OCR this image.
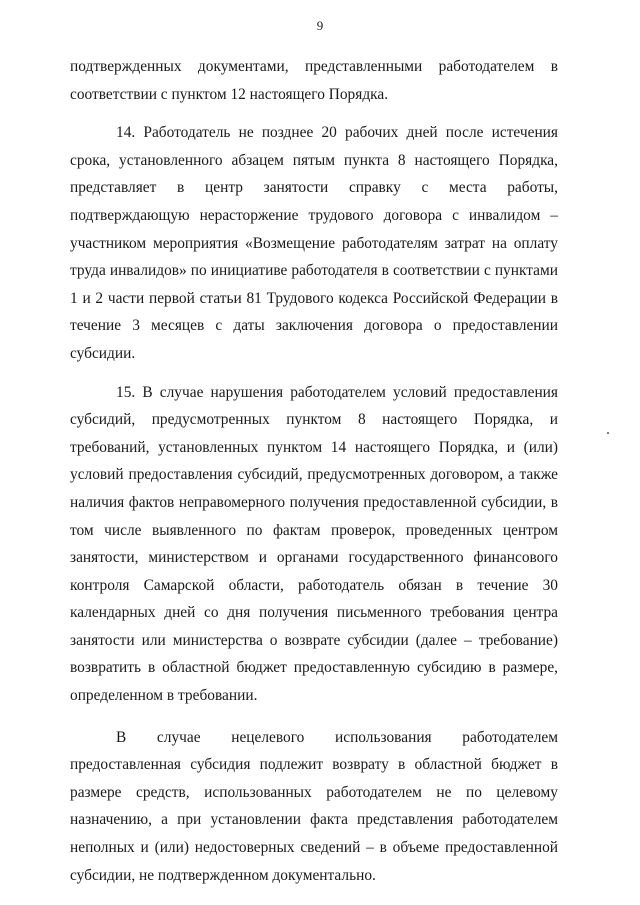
9

подтвержденных документами, представленными работодателем в соответствии с пунктом 12 настоящего Порядка.

14. Работодатель не позднее 20 рабочих дней после истечения срока, установленного абзацем пятым пункта 8 настоящего Порядка, представляет в центр занятости справку с места работы, подтверждающую нерасторжение трудового договора с инвалидом – участником мероприятия «Возмещение работодателям затрат на оплату труда инвалидов» по инициативе работодателя в соответствии с пунктами 1 и 2 части первой статьи 81 Трудового кодекса Российской Федерации в течение 3 месяцев с даты заключения договора о предоставлении субсидии.

15. В случае нарушения работодателем условий предоставления субсидий, предусмотренных пунктом 8 настоящего Порядка, и требований, установленных пунктом 14 настоящего Порядка, и (или) условий предоставления субсидий, предусмотренных договором, а также наличия фактов неправомерного получения предоставленной субсидии, в том числе выявленного по фактам проверок, проведенных центром занятости, министерством и органами государственного финансового контроля Самарской области, работодатель обязан в течение 30 календарных дней со дня получения письменного требования центра занятости или министерства о возврате субсидии (далее – требование) возвратить в областной бюджет предоставленную субсидию в размере, определенном в требовании.

В случае нецелевого использования работодателем предоставленная субсидия подлежит возврату в областной бюджет в размере средств, использованных работодателем не по целевому назначению, а при установлении факта представления работодателем неполных и (или) недостоверных сведений – в объеме предоставленной субсидии, не подтвержденном документально.
